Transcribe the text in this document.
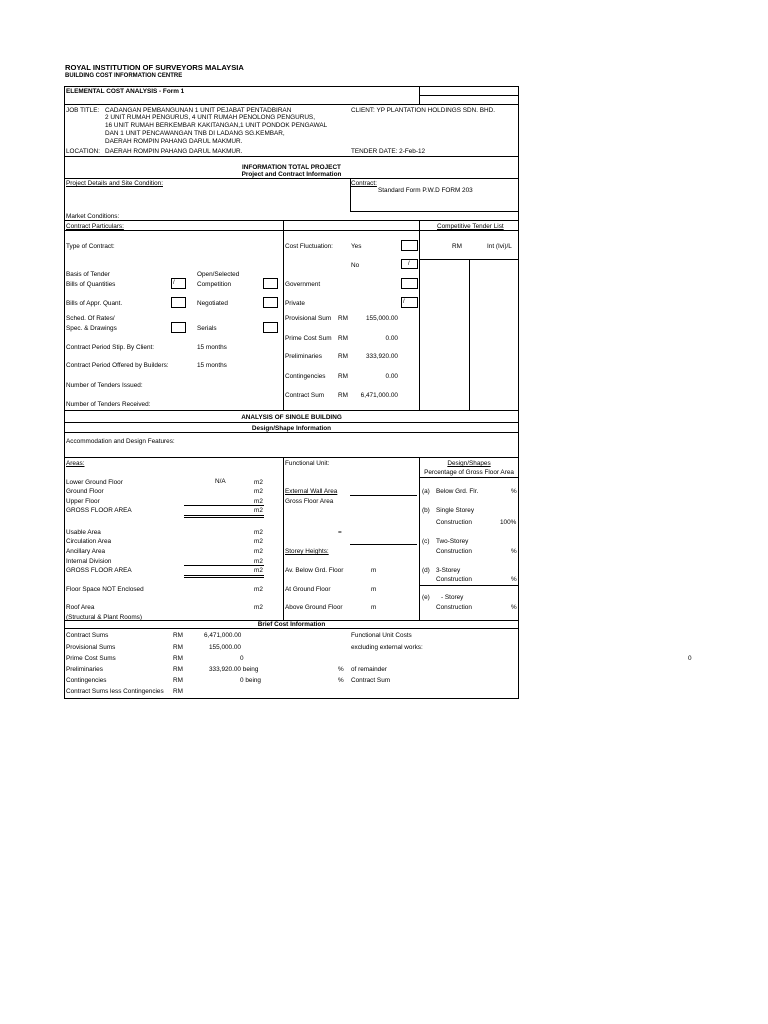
ROYAL INSTITUTION OF SURVEYORS MALAYSIA
BUILDING COST INFORMATION CENTRE
ELEMENTAL COST ANALYSIS - Form 1
JOB TITLE: CADANGAN PEMBANGUNAN 1 UNIT PEJABAT PENTADBIRAN
2 UNIT RUMAH PENGURUS, 4 UNIT RUMAH PENOLONG PENGURUS,
16 UNIT RUMAH BERKEMBAR KAKITANGAN,1 UNIT PONDOK PENGAWAL
DAN 1 UNIT PENCAWANGAN TNB DI LADANG SG.KEMBAR,
DAERAH ROMPIN PAHANG DARUL MAKMUR.
CLIENT: YP PLANTATION HOLDINGS SDN. BHD.
LOCATION: DAERAH ROMPIN PAHANG DARUL MAKMUR.	TENDER DATE: 2-Feb-12
INFORMATION TOTAL PROJECT
Project and Contract Information
Project Details and Site Condition:	Contract:
Standard Form P.W.D FORM 203
Market Conditions:
Contract Particulars:	Competitive Tender List
Type of Contract:	Cost Fluctuation:	Yes	RM	Int (Ivi)/L
No	/
Basis of Tender	Open/Selected
Bills of Quantities	/	Competition	Government
Bills of Appr. Quant.	Negotiated	Private	/
Sched. Of Rates/	Provisional Sum RM	155,000.00
Spec. & Drawings	Serials
Prime Cost Sum RM	0.00
Contract Period Stip. By Client:	15 months
Preliminaries	RM	333,920.00
Contract Period Offered by Builders:	15 months
Contingencies RM	0.00
Number of Tenders Issued:
Contract Sum RM	6,471,000.00
Number of Tenders Received:
ANALYSIS OF SINGLE BUILDING
Design/Shape Information
Accommodation and Design Features:
Areas:	Functional Unit:	Design/Shapes
Percentage of Gross Floor Area
Lower Ground Floor	N/A	m2
Ground Floor	m2	External Wall Area	(a) Below Grd. Flr.	%
Upper Floor	m2	Gross Floor Area
GROSS FLOOR AREA	m2	(b) Single Storey
Construction	100%
Usable Area	m2	=
Circulation Area	m2	(c) Two-Storey
Ancillary Area	m2	Storey Heights:	Construction	%
Internal Division	m2
GROSS FLOOR AREA	m2	Av. Below Grd. Floor	m	(d) 3-Storey
Construction	%
Floor Space NOT Enclosed	m2	At Ground Floor	m
(e) - Storey
Roof Area	m2	Above Ground Floor	m	Construction	%
(Structural & Plant Rooms)
Brief Cost Information
Contract Sums	RM	6,471,000.00	Functional Unit Costs
Provisional Sums	RM	155,000.00	excluding external works:
Prime Cost Sums	RM	0	0
Preliminaries	RM	333,920.00 being	% of remainder
Contingencies	RM	0 being	% Contract Sum
Contract Sums less Contingencies RM
